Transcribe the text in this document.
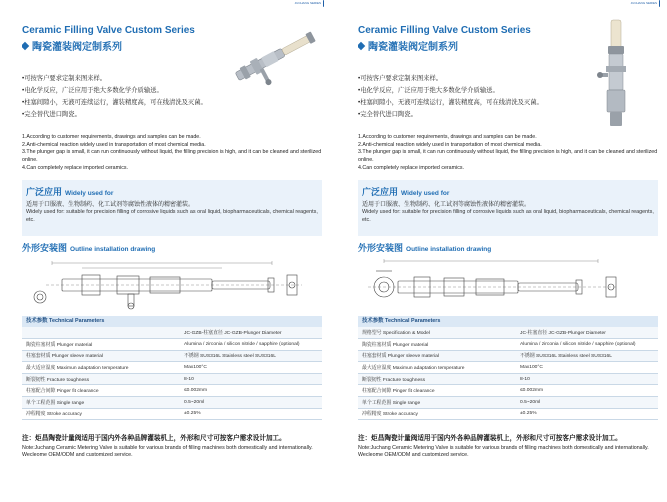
JUCHANG SERIES
Ceramic Filling Valve Custom Series
陶瓷灌装阀定制系列
•可按客户要求定制来图来样。
•电化学反应，广泛应用于绝大多数化学介质输送。
•柱塞间隙小，无液可连续运行，灌装精度高，可在线清洗及灭菌。
•完全替代进口陶瓷。
1.According to customer requirements, drawings and samples can be made.
2.Anti-chemical reaction widely used in transportation of most chemical media.
3.The plunger gap is small, it can run continuously without liquid, the filling precision is high, and it can be cleaned and sterilized online.
4.Can completely replace imported ceramics.
广泛应用 Widely used for
适用于口服液、生物制药、化工试剂等腐蚀性液体的精密灌装。
Widely used for: suitable for precision filling of corrosive liquids such as oral liquid, biopharmaceuticals, chemical reagents, etc.
外形安装图 Outline installation drawing
技术参数 Technical Parameters
	JC-GZB-柱塞直径 JC-GZB-Plunger Diameter
陶瓷柱塞材质 Plunger material	Alumina / zirconia / silicon nitride / sapphire (optional)
柱塞套材质 Plunger sleeve material	不锈钢 SUS316L Stainless steel SUS316L
最大适应温度 Maximun adaptation temperature	Max100°C
断裂韧性 Fracture toughness	8-10
柱塞配合间隙 Pinger fit clearance	≤0.002mm
单个工程范围 Single range	0.5~20ml
冲程精度 Stroke accuracy	±0.25%
注：炬昌陶瓷计量阀适用于国内外各种品牌灌装机上，外形和尺寸可按客户需求设计加工。
Note:Juchang Ceramic Metering Valve is suitable for various brands of filling machines both domestically and internationally. Wecleome OEM/ODM and customized service.
JUCHANG SERIES
Ceramic Filling Valve Custom Series
陶瓷灌装阀定制系列
•可按客户要求定制来图来样。
•电化学反应，广泛应用于绝大多数化学介质输送。
•柱塞间隙小，无液可连续运行，灌装精度高，可在线清洗及灭菌。
•完全替代进口陶瓷。
1.According to customer requirements, drawings and samples can be made.
2.Anti-chemical reaction widely used in transportation of most chemical media.
3.The plunger gap is small, it can run continuously without liquid, the filling precision is high, and it can be cleaned and sterilized online.
4.Can completely replace imported ceramics.
广泛应用 Widely used for
适用于口服液、生物制药、化工试剂等腐蚀性液体的精密灌装。
Widely used for: suitable for precision filling of corrosive liquids such as oral liquid, biopharmaceuticals, chemical reagents, etc.
外形安装图 Outline installation drawing
技术参数 Technical Parameters
规格型号 Specification & Model	JC-柱塞直径 JC-GZB-Plunger Diameter
陶瓷柱塞材质 Plunger material	Alumina / zirconia / silicon nitride / sapphire (optional)
柱塞套材质 Plunger sleeve material	不锈钢 SUS316L Stainless steel SUS316L
最大适应温度 Maximun adaptation temperature	Max100°C
断裂韧性 Fracture toughness	8-10
柱塞配合间隙 Pinger fit clearance	≤0.002mm
单个工程范围 Single range	0.5~20ml
冲程精度 Stroke accuracy	±0.25%
注：炬昌陶瓷计量阀适用于国内外各种品牌灌装机上，外形和尺寸可按客户需求设计加工。
Note:Juchang Ceramic Metering Valve is suitable for various brands of filling machines both domestically and internationally. Wecleome OEM/ODM and customized service.
